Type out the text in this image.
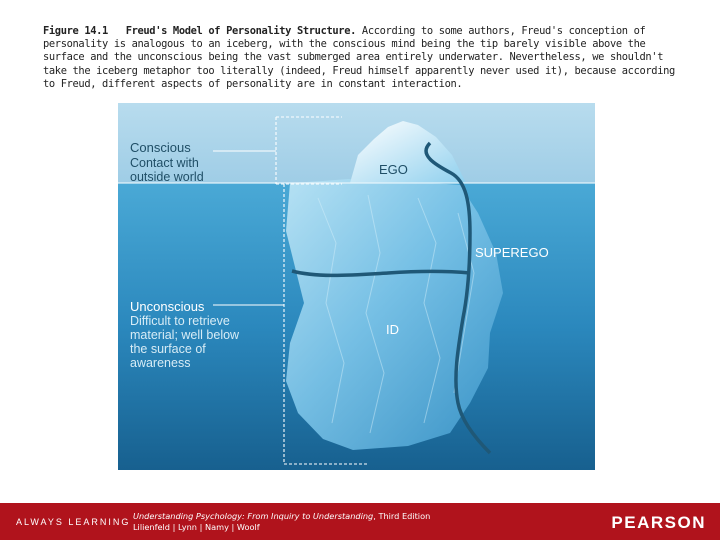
Figure 14.1 Freud's Model of Personality Structure. According to some authors, Freud's conception of personality is analogous to an iceberg, with the conscious mind being the tip barely visible above the surface and the unconscious being the vast submerged area entirely underwater. Nevertheless, we shouldn't take the iceberg metaphor too literally (indeed, Freud himself apparently never used it), because according to Freud, different aspects of personality are in constant interaction.
Conscious
Contact with
outside world
Unconscious
Difficult to retrieve
material; well below
the surface of
awareness
EGO
SUPEREGO
ID
ALWAYS LEARNING
Understanding Psychology: From Inquiry to Understanding, Third Edition
Lilienfeld | Lynn | Namy | Woolf	PEARSON
